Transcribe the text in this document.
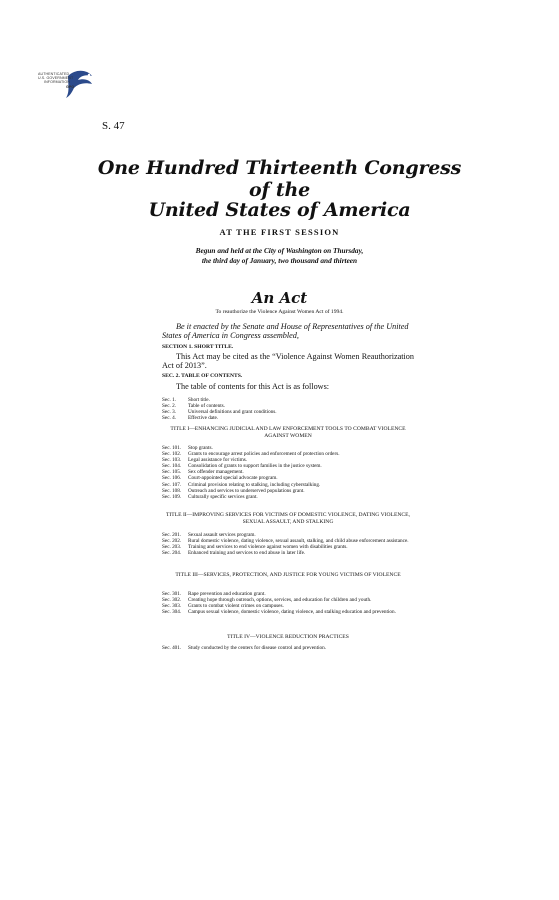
AUTHENTICATED
U.S. GOVERNMENT
INFORMATION
GPO
S. 47
One Hundred Thirteenth Congress
of the
United States of America
AT THE FIRST SESSION
Begun and held at the City of Washington on Thursday,
the third day of January, two thousand and thirteen
An Act
To reauthorize the Violence Against Women Act of 1994.
Be it enacted by the Senate and House of Representatives of the United States of America in Congress assembled,
SECTION 1. SHORT TITLE.
This Act may be cited as the “Violence Against Women Reauthorization Act of 2013”.
SEC. 2. TABLE OF CONTENTS.
The table of contents for this Act is as follows:
Sec. 1.	Short title.
Sec. 2.	Table of contents.
Sec. 3.	Universal definitions and grant conditions.
Sec. 4.	Effective date.
TITLE I—ENHANCING JUDICIAL AND LAW ENFORCEMENT TOOLS TO COMBAT VIOLENCE AGAINST WOMEN
Sec. 101.	Stop grants.
Sec. 102.	Grants to encourage arrest policies and enforcement of protection orders.
Sec. 103.	Legal assistance for victims.
Sec. 104.	Consolidation of grants to support families in the justice system.
Sec. 105.	Sex offender management.
Sec. 106.	Court-appointed special advocate program.
Sec. 107.	Criminal provision relating to stalking, including cyberstalking.
Sec. 108.	Outreach and services to underserved populations grant.
Sec. 109.	Culturally specific services grant.
TITLE II—IMPROVING SERVICES FOR VICTIMS OF DOMESTIC VIOLENCE, DATING VIOLENCE, SEXUAL ASSAULT, AND STALKING
Sec. 201.	Sexual assault services program.
Sec. 202.	Rural domestic violence, dating violence, sexual assault, stalking, and child abuse enforcement assistance.
Sec. 203.	Training and services to end violence against women with disabilities grants.
Sec. 204.	Enhanced training and services to end abuse in later life.
TITLE III—SERVICES, PROTECTION, AND JUSTICE FOR YOUNG VICTIMS OF VIOLENCE
Sec. 301.	Rape prevention and education grant.
Sec. 302.	Creating hope through outreach, options, services, and education for children and youth.
Sec. 303.	Grants to combat violent crimes on campuses.
Sec. 304.	Campus sexual violence, domestic violence, dating violence, and stalking education and prevention.
TITLE IV—VIOLENCE REDUCTION PRACTICES
Sec. 401.	Study conducted by the centers for disease control and prevention.
